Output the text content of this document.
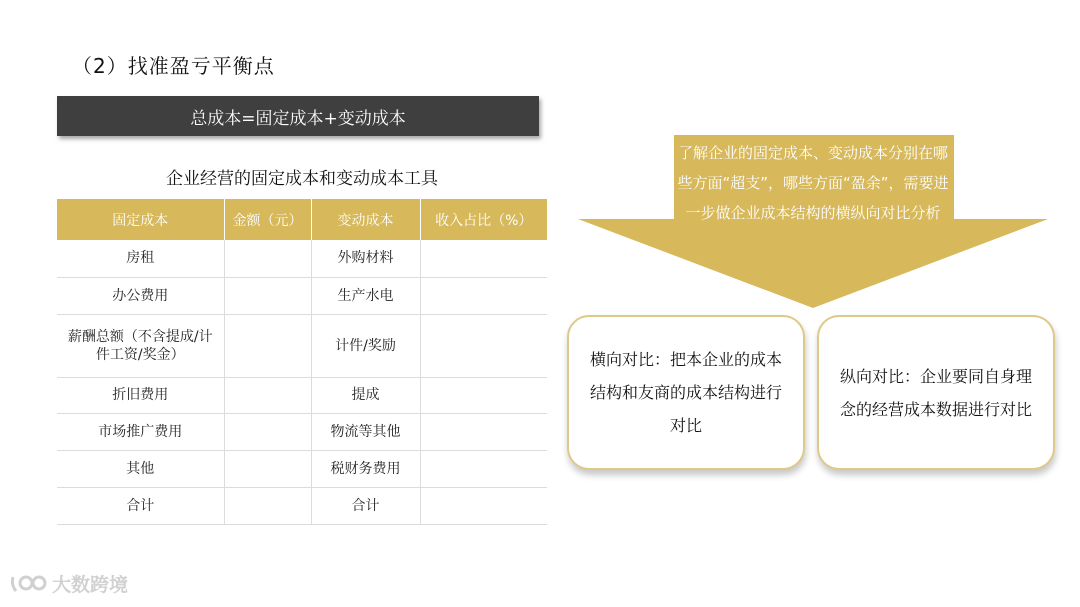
（2）找准盈亏平衡点
总成本=固定成本+变动成本
企业经营的固定成本和变动成本工具
固定成本	金额（元）	变动成本	收入占比（%）
房租		外购材料	
办公费用		生产水电	
薪酬总额（不含提成/计件工资/奖金）		计件/奖励	
折旧费用		提成	
市场推广费用		物流等其他	
其他		税财务费用	
合计		合计	
了解企业的固定成本、变动成本分别在哪些方面“超支”，哪些方面“盈余”，需要进一步做企业成本结构的横纵向对比分析
横向对比：把本企业的成本结构和友商的成本结构进行对比
纵向对比：企业要同自身理念的经营成本数据进行对比
大数跨境
